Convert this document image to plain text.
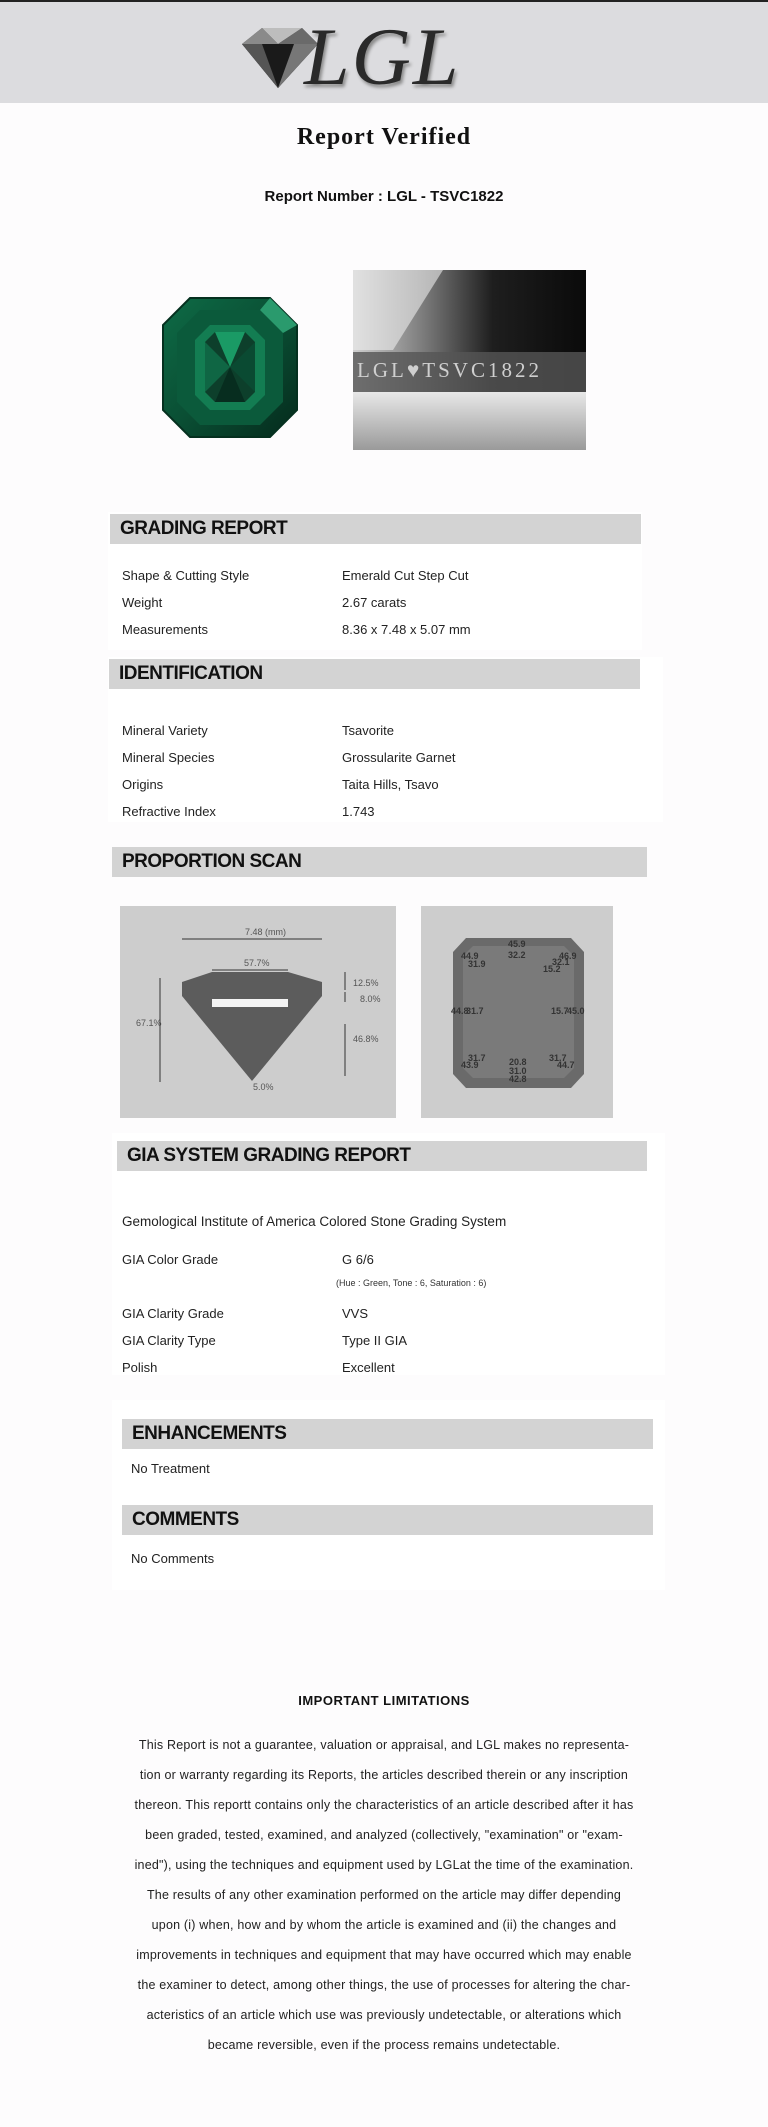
LGL
Report Verified
Report Number : LGL - TSVC1822
LGL♥TSVC1822
GRADING REPORT
Shape & Cutting Style	Emerald Cut Step Cut
Weight	2.67 carats
Measurements	8.36 x 7.48 x 5.07 mm
IDENTIFICATION
Mineral Variety	Tsavorite
Mineral Species	Grossularite Garnet
Origins	Taita Hills, Tsavo
Refractive Index	1.743
PROPORTION SCAN
7.48 (mm)
57.7%
67.1%
12.5%
8.0%
46.8%
5.0%
45.9
32.2
44.9
31.9
46.9
32.1
15.2
44.8
31.7	15.7
45.0
31.7
43.9	20.8
31.0
42.8
31.7
44.7
GIA SYSTEM GRADING REPORT
Gemological Institute of America Colored Stone Grading System
GIA Color Grade	G 6/6
(Hue : Green, Tone : 6, Saturation : 6)
GIA Clarity Grade	VVS
GIA Clarity Type	Type II GIA
Polish	Excellent
ENHANCEMENTS
No Treatment
COMMENTS
No Comments
IMPORTANT LIMITATIONS
This Report is not a guarantee, valuation or appraisal, and LGL makes no representa-
tion or warranty regarding its Reports, the articles described therein or any inscription
thereon. This reportt contains only the characteristics of an article described after it has
been graded, tested, examined, and analyzed (collectively, "examination" or "exam-
ined"), using the techniques and equipment used by LGLat the time of the examination.
The results of any other examination performed on the article may differ depending
upon (i) when, how and by whom the article is examined and (ii) the changes and
improvements in techniques and equipment that may have occurred which may enable
the examiner to detect, among other things, the use of processes for altering the char-
acteristics of an article which use was previously undetectable, or alterations which
became reversible, even if the process remains undetectable.
